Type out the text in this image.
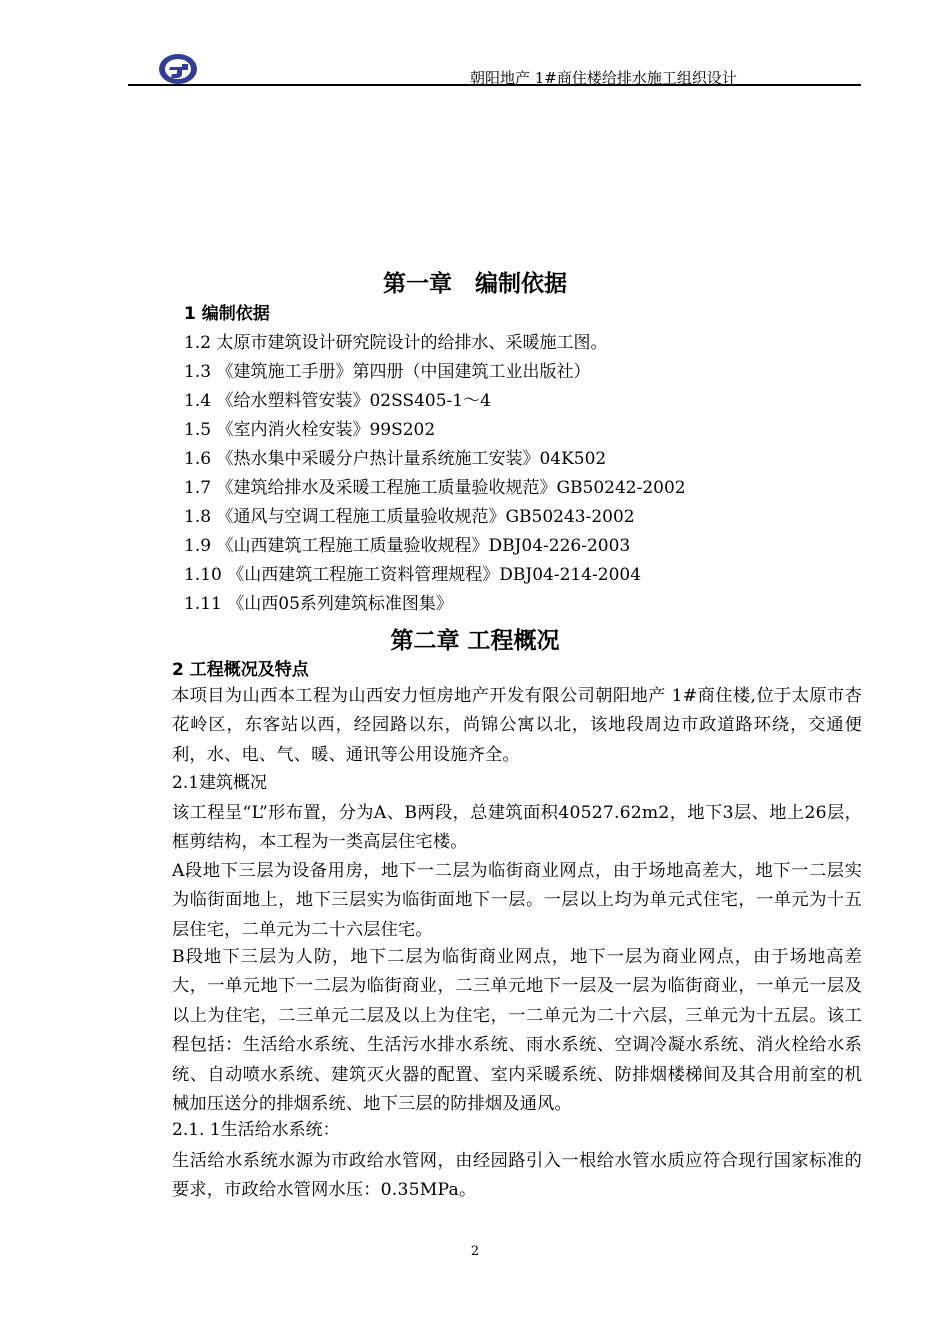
朝阳地产 1#商住楼给排水施工组织设计
第一章　编制依据
1 编制依据
1.2 太原市建筑设计研究院设计的给排水、采暖施工图。
1.3 《建筑施工手册》第四册（中国建筑工业出版社）
1.4 《给水塑料管安装》02SS405-1～4
1.5 《室内消火栓安装》99S202
1.6 《热水集中采暖分户热计量系统施工安装》04K502
1.7 《建筑给排水及采暖工程施工质量验收规范》GB50242-2002
1.8 《通风与空调工程施工质量验收规范》GB50243-2002
1.9 《山西建筑工程施工质量验收规程》DBJ04-226-2003
1.10 《山西建筑工程施工资料管理规程》DBJ04-214-2004
1.11 《山西05系列建筑标准图集》
第二章 工程概况
2 工程概况及特点
本项目为山西本工程为山西安力恒房地产开发有限公司朝阳地产 1#商住楼,位于太原市杏花岭区，东客站以西，经园路以东，尚锦公寓以北，该地段周边市政道路环绕，交通便利，水、电、气、暖、通讯等公用设施齐全。
2.1建筑概况
该工程呈“L”形布置，分为A、B两段，总建筑面积40527.62m2，地下3层、地上26层，框剪结构，本工程为一类高层住宅楼。
A段地下三层为设备用房，地下一二层为临街商业网点，由于场地高差大，地下一二层实为临街面地上，地下三层实为临街面地下一层。一层以上均为单元式住宅，一单元为十五层住宅，二单元为二十六层住宅。
B段地下三层为人防，地下二层为临街商业网点，地下一层为商业网点，由于场地高差大，一单元地下一二层为临街商业，二三单元地下一层及一层为临街商业，一单元一层及以上为住宅，二三单元二层及以上为住宅，一二单元为二十六层，三单元为十五层。该工程包括：生活给水系统、生活污水排水系统、雨水系统、空调冷凝水系统、消火栓给水系统、自动喷水系统、建筑灭火器的配置、室内采暖系统、防排烟楼梯间及其合用前室的机械加压送分的排烟系统、地下三层的防排烟及通风。
2.1. 1生活给水系统：
生活给水系统水源为市政给水管网，由经园路引入一根给水管水质应符合现行国家标准的要求，市政给水管网水压：0.35MPa。
2
